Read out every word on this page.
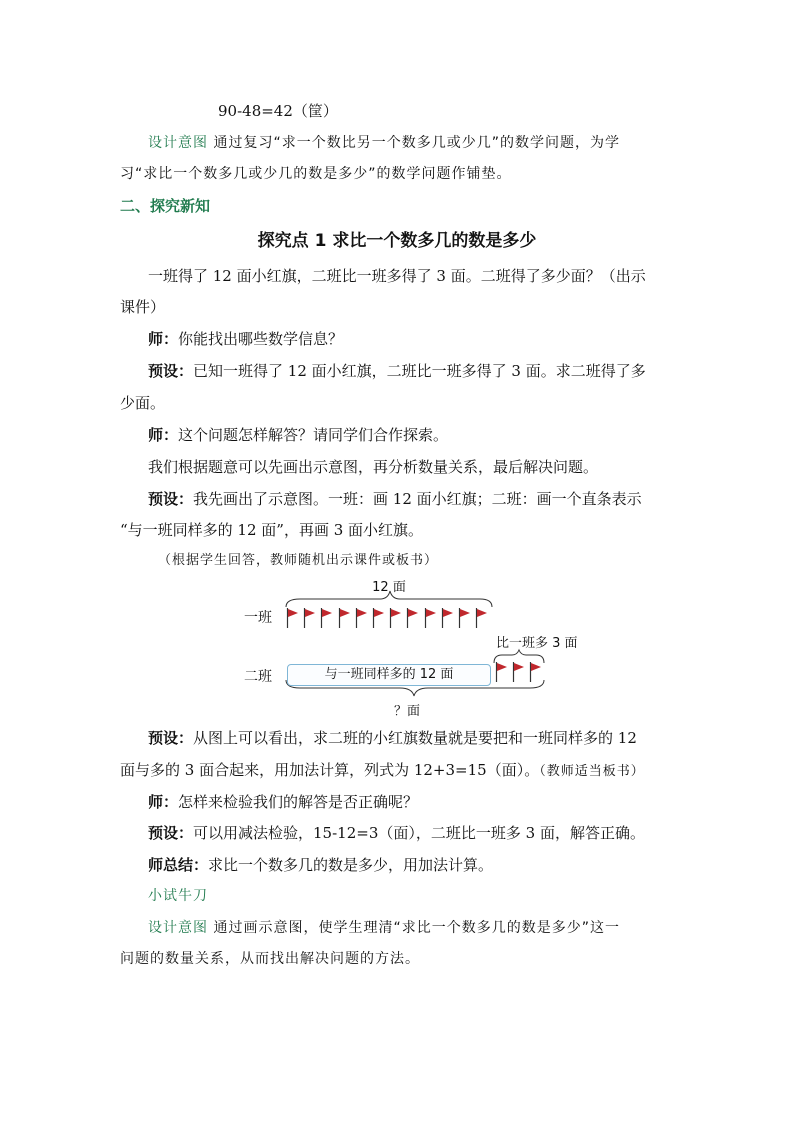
90-48=42（筐）
设计意图 通过复习“求一个数比另一个数多几或少几”的数学问题，为学
习“求比一个数多几或少几的数是多少”的数学问题作铺垫。
二、探究新知
探究点 1 求比一个数多几的数是多少
一班得了 12 面小红旗，二班比一班多得了 3 面。二班得了多少面？（出示
课件）
师：你能找出哪些数学信息？
预设：已知一班得了 12 面小红旗，二班比一班多得了 3 面。求二班得了多
少面。
师：这个问题怎样解答？请同学们合作探索。
我们根据题意可以先画出示意图，再分析数量关系，最后解决问题。
预设：我先画出了示意图。一班：画 12 面小红旗；二班：画一个直条表示
“与一班同样多的 12 面”，再画 3 面小红旗。
（根据学生回答，教师随机出示课件或板书）
12 面
一班
二班
比一班多 3 面
？面
与一班同样多的 12 面
预设：从图上可以看出，求二班的小红旗数量就是要把和一班同样多的 12
面与多的 3 面合起来，用加法计算，列式为 12+3=15（面）。（教师适当板书）
师：怎样来检验我们的解答是否正确呢？
预设：可以用减法检验，15-12=3（面），二班比一班多 3 面，解答正确。
师总结：求比一个数多几的数是多少，用加法计算。
小试牛刀
设计意图 通过画示意图，使学生理清“求比一个数多几的数是多少”这一
问题的数量关系，从而找出解决问题的方法。
